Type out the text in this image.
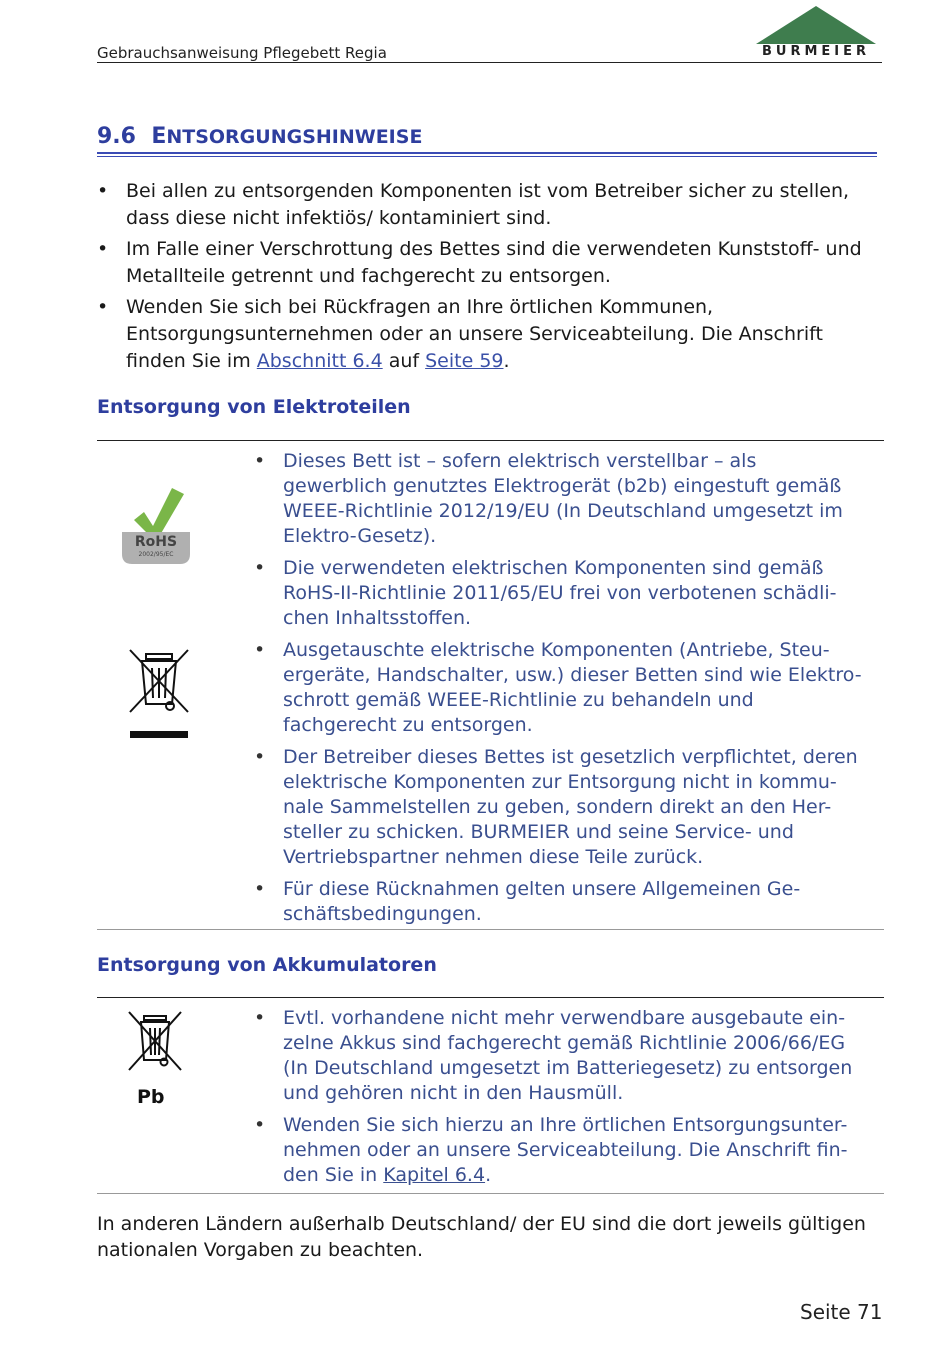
Gebrauchsanweisung Pflegebett Regia	BURMEIER
9.6 ENTSORGUNGSHINWEISE
• Bei allen zu entsorgenden Komponenten ist vom Betreiber sicher zu stellen, dass diese nicht infektiös/ kontaminiert sind.
• Im Falle einer Verschrottung des Bettes sind die verwendeten Kunststoff- und Metallteile getrennt und fachgerecht zu entsorgen.
• Wenden Sie sich bei Rückfragen an Ihre örtlichen Kommunen, Entsorgungsunternehmen oder an unsere Serviceabteilung. Die Anschrift finden Sie im Abschnitt 6.4 auf Seite 59.
Entsorgung von Elektroteilen
RoHS
2002/95/EC
• Dieses Bett ist – sofern elektrisch verstellbar – als gewerblich genutztes Elektrogerät (b2b) eingestuft gemäß WEEE-Richtlinie 2012/19/EU (In Deutschland umgesetzt im Elektro-Gesetz).
• Die verwendeten elektrischen Komponenten sind gemäß RoHS-II-Richtlinie 2011/65/EU frei von verbotenen schädli-chen Inhaltsstoffen.
• Ausgetauschte elektrische Komponenten (Antriebe, Steu-ergeräte, Handschalter, usw.) dieser Betten sind wie Elektro-schrott gemäß WEEE-Richtlinie zu behandeln und fachgerecht zu entsorgen.
• Der Betreiber dieses Bettes ist gesetzlich verpflichtet, deren elektrische Komponenten zur Entsorgung nicht in kommu-nale Sammelstellen zu geben, sondern direkt an den Her-steller zu schicken. BURMEIER und seine Service- und Vertriebspartner nehmen diese Teile zurück.
• Für diese Rücknahmen gelten unsere Allgemeinen Ge-schäftsbedingungen.
Entsorgung von Akkumulatoren
Pb
• Evtl. vorhandene nicht mehr verwendbare ausgebaute ein-zelne Akkus sind fachgerecht gemäß Richtlinie 2006/66/EG (In Deutschland umgesetzt im Batteriegesetz) zu entsorgen und gehören nicht in den Hausmüll.
• Wenden Sie sich hierzu an Ihre örtlichen Entsorgungsunter-nehmen oder an unsere Serviceabteilung. Die Anschrift fin-den Sie in Kapitel 6.4.
In anderen Ländern außerhalb Deutschland/ der EU sind die dort jeweils gültigen nationalen Vorgaben zu beachten.
Seite 71
